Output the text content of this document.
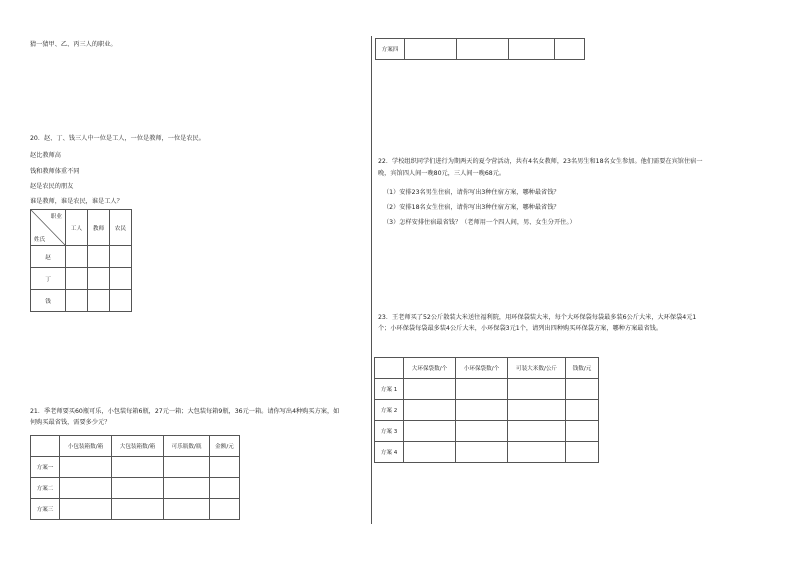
猜一猜甲、乙、丙三人的职业。
20．赵、丁、钱三人中一位是工人，一位是教师，一位是农民。
赵比教师高
钱和教师体重不同
赵是农民的朋友
谁是教师，谁是农民，谁是工人？
职业
姓氏	工人	教师	农民
赵			
丁			
钱			
21．季老师要买60瓶可乐，小包装每箱6瓶，27元一箱；大包装每箱9瓶，36元一箱。请你写出4种购买方案，如何购买最省钱，需要多少元？
	小包装箱数/箱	大包装箱数/箱	可乐瓶数/瓶	金额/元
方案一				
方案二				
方案三				
方案四				
22．学校组织同学们进行为期两天的夏令营活动，共有4名女教师，23名男生和18名女生参加。他们需要在宾馆住宿一晚，宾馆四人间一晚80元，三人间一晚68元。
（1）安排23名男生住宿，请你写出3种住宿方案，哪种最省钱？
（2）安排18名女生住宿，请你写出3种住宿方案，哪种最省钱？
（3）怎样安排住宿最省钱？（老师用一个四人间，男、女生分开住。）
23．王老师买了52公斤散装大米送往福利院，用环保袋装大米，每个大环保袋每袋最多装6公斤大米，大环保袋4元1个；小环保袋每袋最多装4公斤大米，小环保袋3元1个，请列出四种购买环保袋方案，哪种方案最省钱。
	大环保袋数/个	小环保袋数/个	可装大米数/公斤	钱数/元
方案 1				
方案 2				
方案 3				
方案 4				
